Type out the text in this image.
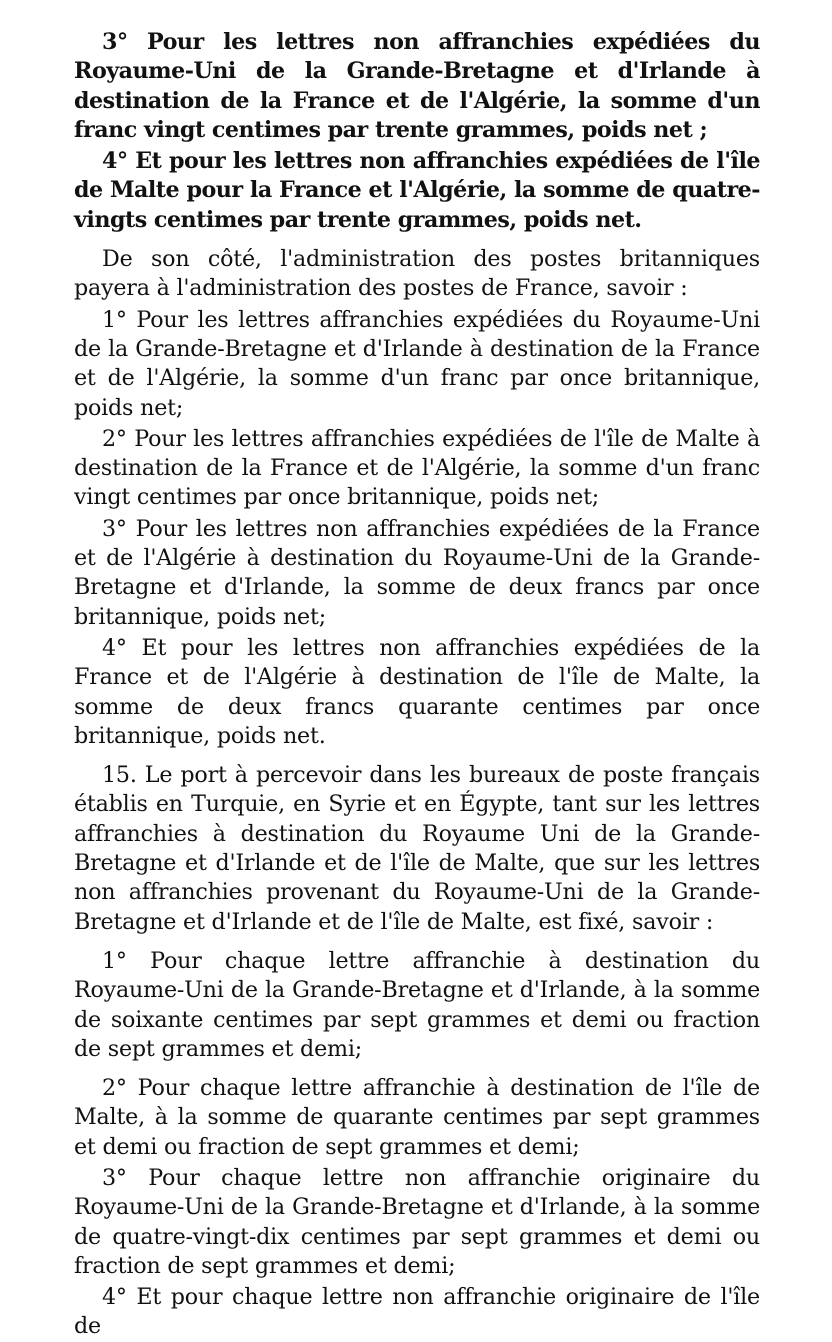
3° Pour les lettres non affranchies expédiées du Royaume-Uni de la Grande-Bretagne et d'Irlande à destination de la France et de l'Algérie, la somme d'un franc vingt centimes par trente grammes, poids net ;

4° Et pour les lettres non affranchies expédiées de l'île de Malte pour la France et l'Algérie, la somme de quatre-vingts centimes par trente grammes, poids net.

De son côté, l'administration des postes britanniques payera à l'administration des postes de France, savoir :

1° Pour les lettres affranchies expédiées du Royaume-Uni de la Grande-Bretagne et d'Irlande à destination de la France et de l'Algérie, la somme d'un franc par once britannique, poids net;

2° Pour les lettres affranchies expédiées de l'île de Malte à destination de la France et de l'Algérie, la somme d'un franc vingt centimes par once britannique, poids net;

3° Pour les lettres non affranchies expédiées de la France et de l'Algérie à destination du Royaume-Uni de la Grande-Bretagne et d'Irlande, la somme de deux francs par once britannique, poids net;

4° Et pour les lettres non affranchies expédiées de la France et de l'Algérie à destination de l'île de Malte, la somme de deux francs quarante centimes par once britannique, poids net.

15. Le port à percevoir dans les bureaux de poste français établis en Turquie, en Syrie et en Égypte, tant sur les lettres affranchies à destination du Royaume Uni de la Grande-Bretagne et d'Irlande et de l'île de Malte, que sur les lettres non affranchies provenant du Royaume-Uni de la Grande-Bretagne et d'Irlande et de l'île de Malte, est fixé, savoir :

1° Pour chaque lettre affranchie à destination du Royaume-Uni de la Grande-Bretagne et d'Irlande, à la somme de soixante centimes par sept grammes et demi ou fraction de sept grammes et demi;

2° Pour chaque lettre affranchie à destination de l'île de Malte, à la somme de quarante centimes par sept grammes et demi ou fraction de sept grammes et demi;

3° Pour chaque lettre non affranchie originaire du Royaume-Uni de la Grande-Bretagne et d'Irlande, à la somme de quatre-vingt-dix centimes par sept grammes et demi ou fraction de sept grammes et demi;

4° Et pour chaque lettre non affranchie originaire de l'île de
